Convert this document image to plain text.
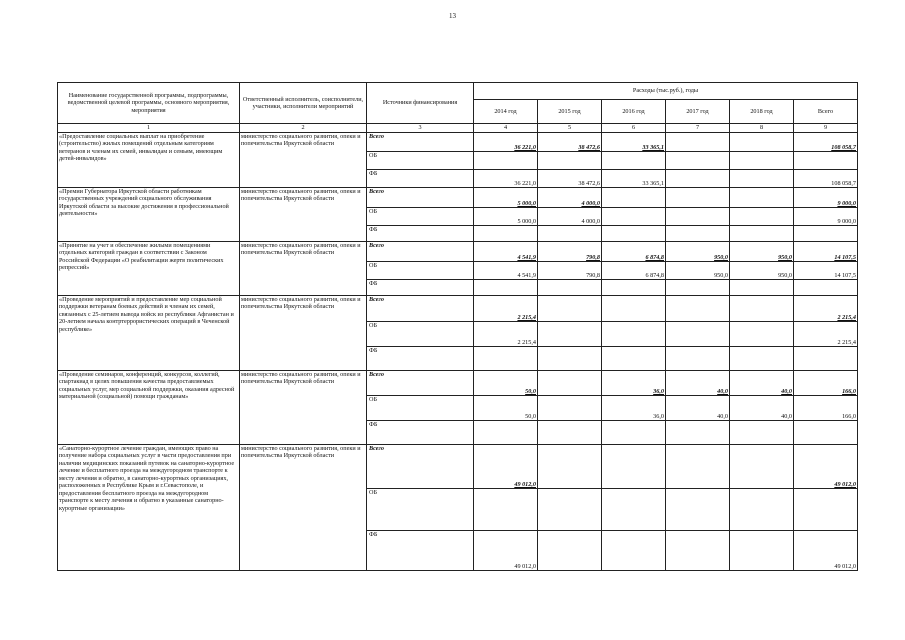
13
Наименование государственной программы, подпрограммы, ведомственной целевой программы, основного мероприятия, мероприятия	Ответственный исполнитель, соисполнители, участники, исполнители мероприятий	Источники финансирования	Расходы (тыс.руб.), годы					
			2014 год	2015 год	2016 год	2017 год	2018 год	Всего
1	2	3	4	5	6	7	8	9
«Предоставление социальных выплат на приобретение (строительство) жилых помещений отдельным категориям ветеранов и членам их семей, инвалидам и семьям, имеющим детей-инвалидов»	министерство социального развития, опеки и попечительства Иркутской области	Всего	36 221,0	38 472,6	33 365,1			108 058,7
		ОБ						
		ФБ	36 221,0	38 472,6	33 365,1			108 058,7
«Премии Губернатора Иркутской области работникам государственных учреждений социального обслуживания Иркутской области за высокие достижения в профессиональной деятельности»	министерство социального развития, опеки и попечительства Иркутской области	Всего	5 000,0	4 000,0				9 000,0
		ОБ	5 000,0	4 000,0				9 000,0
		ФБ						
«Принятие на учет и обеспечение жилыми помещениями отдельных категорий граждан в соответствии с Законом Российской Федерации «О реабилитации жертв политических репрессий»	министерство социального развития, опеки и попечительства Иркутской области	Всего	4 541,9	790,8	6 874,8	950,0	950,0	14 107,5
		ОБ	4 541,9	790,8	6 874,8	950,0	950,0	14 107,5
		ФБ						
«Проведение мероприятий и предоставление мер социальной поддержки ветеранам боевых действий и членам их семей, связанных с 25-летием вывода войск из республики Афганистан и 20-летием начала контртеррористических операций в Чеченской республике»	министерство социального развития, опеки и попечительства Иркутской области	Всего	2 215,4					2 215,4
		ОБ	2 215,4					2 215,4
		ФБ						
«Проведение семинаров, конференций, конкурсов, коллегий, спартакиад в целях повышения качества предоставляемых социальных услуг, мер социальной поддержки, оказания адресной материальной (социальной) помощи гражданам»	министерство социального развития, опеки и попечительства Иркутской области	Всего	50,0		36,0	40,0	40,0	166,0
		ОБ	50,0		36,0	40,0	40,0	166,0
		ФБ						
«Санаторно-курортное лечение граждан, имеющих право на получение набора социальных услуг в части предоставления при наличии медицинских показаний путевок на санаторно-курортное лечение и бесплатного проезда на междугородном транспорте к месту лечения и обратно, в санаторно-курортных организациях, расположенных в Республике Крым и г.Севастополе, и предоставления бесплатного проезда на междугородном транспорте к месту лечения и обратно в указанные санаторно-курортные организации»	министерство социального развития, опеки и попечительства Иркутской области	Всего	49 012,0					49 012,0
		ОБ						
		ФБ	49 012,0					49 012,0
